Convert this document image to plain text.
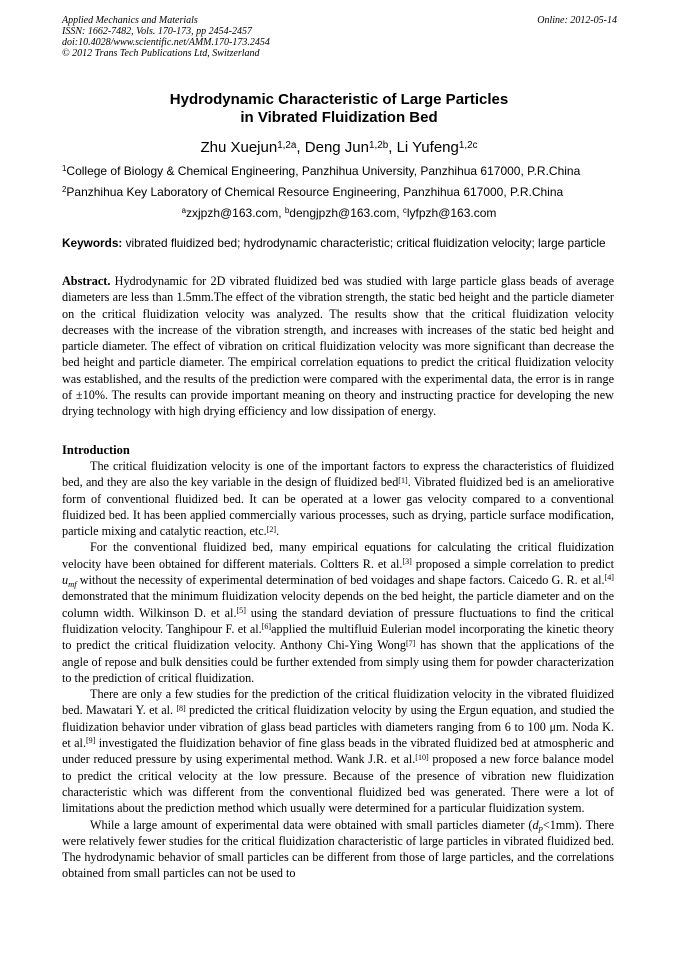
Applied Mechanics and Materials
ISSN: 1662-7482, Vols. 170-173, pp 2454-2457
doi:10.4028/www.scientific.net/AMM.170-173.2454
© 2012 Trans Tech Publications Ltd, Switzerland
Online: 2012-05-14
Hydrodynamic Characteristic of Large Particles
in Vibrated Fluidization Bed
Zhu Xuejun$^{1,2a}$, Deng Jun$^{1,2b}$, Li Yufeng$^{1,2c}$
$^1$College of Biology & Chemical Engineering, Panzhihua University, Panzhihua 617000, P.R.China
$^2$Panzhihua Key Laboratory of Chemical Resource Engineering, Panzhihua 617000, P.R.China
$^a$zxjpzh@163.com, $^b$dengjpzh@163.com, $^c$lyfpzh@163.com
Keywords: vibrated fluidized bed; hydrodynamic characteristic; critical fluidization velocity; large particle

Abstract. Hydrodynamic for 2D vibrated fluidized bed was studied with large particle glass beads of average diameters are less than 1.5mm.The effect of the vibration strength, the static bed height and the particle diameter on the critical fluidization velocity was analyzed. The results show that the critical fluidization velocity decreases with the increase of the vibration strength, and increases with increases of the static bed height and particle diameter. The effect of vibration on critical fluidization velocity was more significant than decrease the bed height and particle diameter. The empirical correlation equations to predict the critical fluidization velocity was established, and the results of the prediction were compared with the experimental data, the error is in range of ±10%. The results can provide important meaning on theory and instructing practice for developing the new drying technology with high drying efficiency and low dissipation of energy.

Introduction

The critical fluidization velocity is one of the important factors to express the characteristics of fluidized bed, and they are also the key variable in the design of fluidized bed[1]. Vibrated fluidized bed is an ameliorative form of conventional fluidized bed. It can be operated at a lower gas velocity compared to a conventional fluidized bed. It has been applied commercially various processes, such as drying, particle surface modification, particle mixing and catalytic reaction, etc.[2].

For the conventional fluidized bed, many empirical equations for calculating the critical fluidization velocity have been obtained for different materials. Coltters R. et al.[3] proposed a simple correlation to predict $u_{mf}$ without the necessity of experimental determination of bed voidages and shape factors. Caicedo G. R. et al.[4] demonstrated that the minimum fluidization velocity depends on the bed height, the particle diameter and on the column width. Wilkinson D. et al.[5] using the standard deviation of pressure fluctuations to find the critical fluidization velocity. Tanghipour F. et al.[6]applied the multifluid Eulerian model incorporating the kinetic theory to predict the critical fluidization velocity. Anthony Chi-Ying Wong[7] has shown that the applications of the angle of repose and bulk densities could be further extended from simply using them for powder characterization to the prediction of critical fluidization.

There are only a few studies for the prediction of the critical fluidization velocity in the vibrated fluidized bed. Mawatari Y. et al. [8] predicted the critical fluidization velocity by using the Ergun equation, and studied the fluidization behavior under vibration of glass bead particles with diameters ranging from 6 to 100 μm. Noda K. et al.[9] investigated the fluidization behavior of fine glass beads in the vibrated fluidized bed at atmospheric and under reduced pressure by using experimental method. Wank J.R. et al.[10] proposed a new force balance model to predict the critical velocity at the low pressure. Because of the presence of vibration new fluidization characteristic which was different from the conventional fluidized bed was generated. There were a lot of limitations about the prediction method which usually were determined for a particular fluidization system.

While a large amount of experimental data were obtained with small particles diameter $(d_p<1mm)$. There were relatively fewer studies for the critical fluidization characteristic of large particles in vibrated fluidized bed. The hydrodynamic behavior of small particles can be different from those of large particles, and the correlations obtained from small particles can not be used to
